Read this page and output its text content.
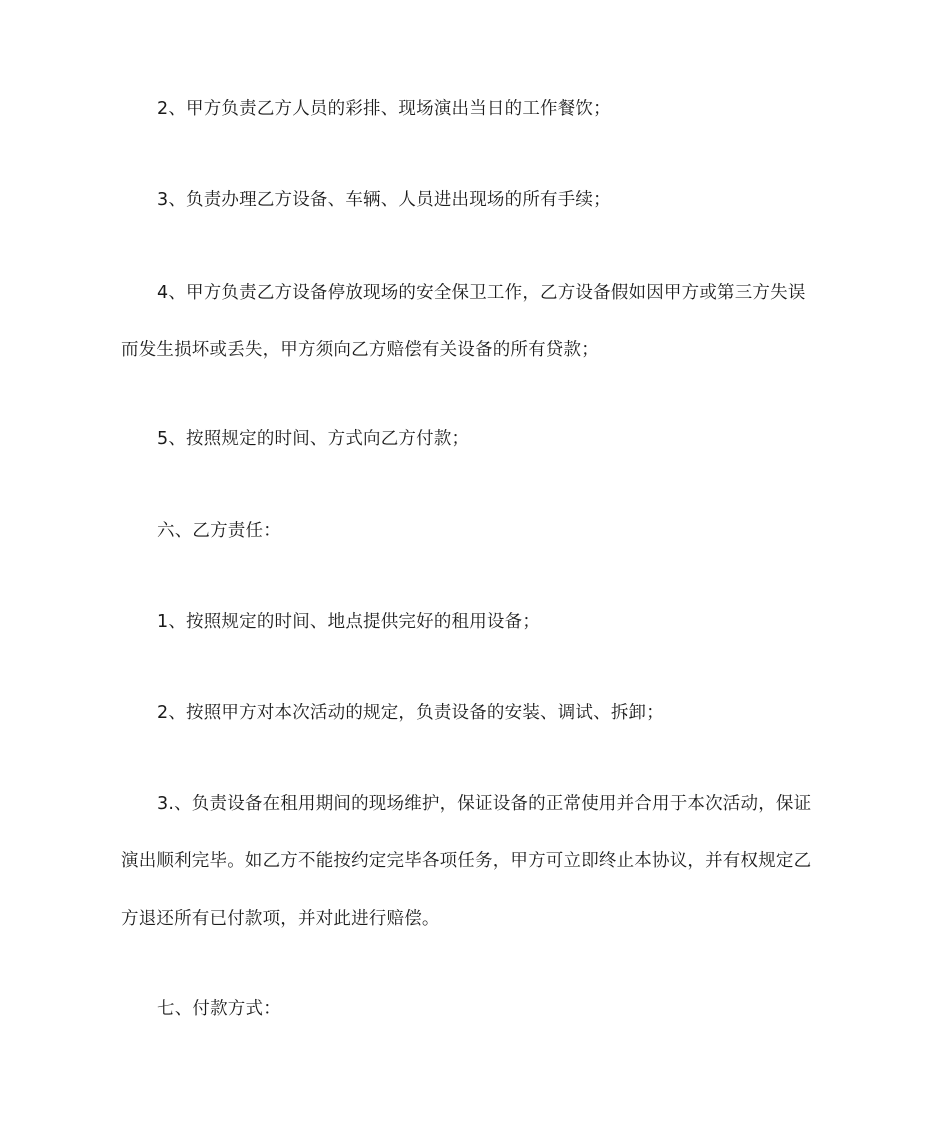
2、甲方负责乙方人员的彩排、现场演出当日的工作餐饮；
3、负责办理乙方设备、车辆、人员进出现场的所有手续；
4、甲方负责乙方设备停放现场的安全保卫工作，乙方设备假如因甲方或第三方失误
而发生损坏或丢失，甲方须向乙方赔偿有关设备的所有贷款；
5、按照规定的时间、方式向乙方付款；
六、乙方责任：
1、按照规定的时间、地点提供完好的租用设备；
2、按照甲方对本次活动的规定，负责设备的安装、调试、拆卸；
3.、负责设备在租用期间的现场维护，保证设备的正常使用并合用于本次活动，保证
演出顺利完毕。如乙方不能按约定完毕各项任务，甲方可立即终止本协议，并有权规定乙
方退还所有已付款项，并对此进行赔偿。
七、付款方式：
